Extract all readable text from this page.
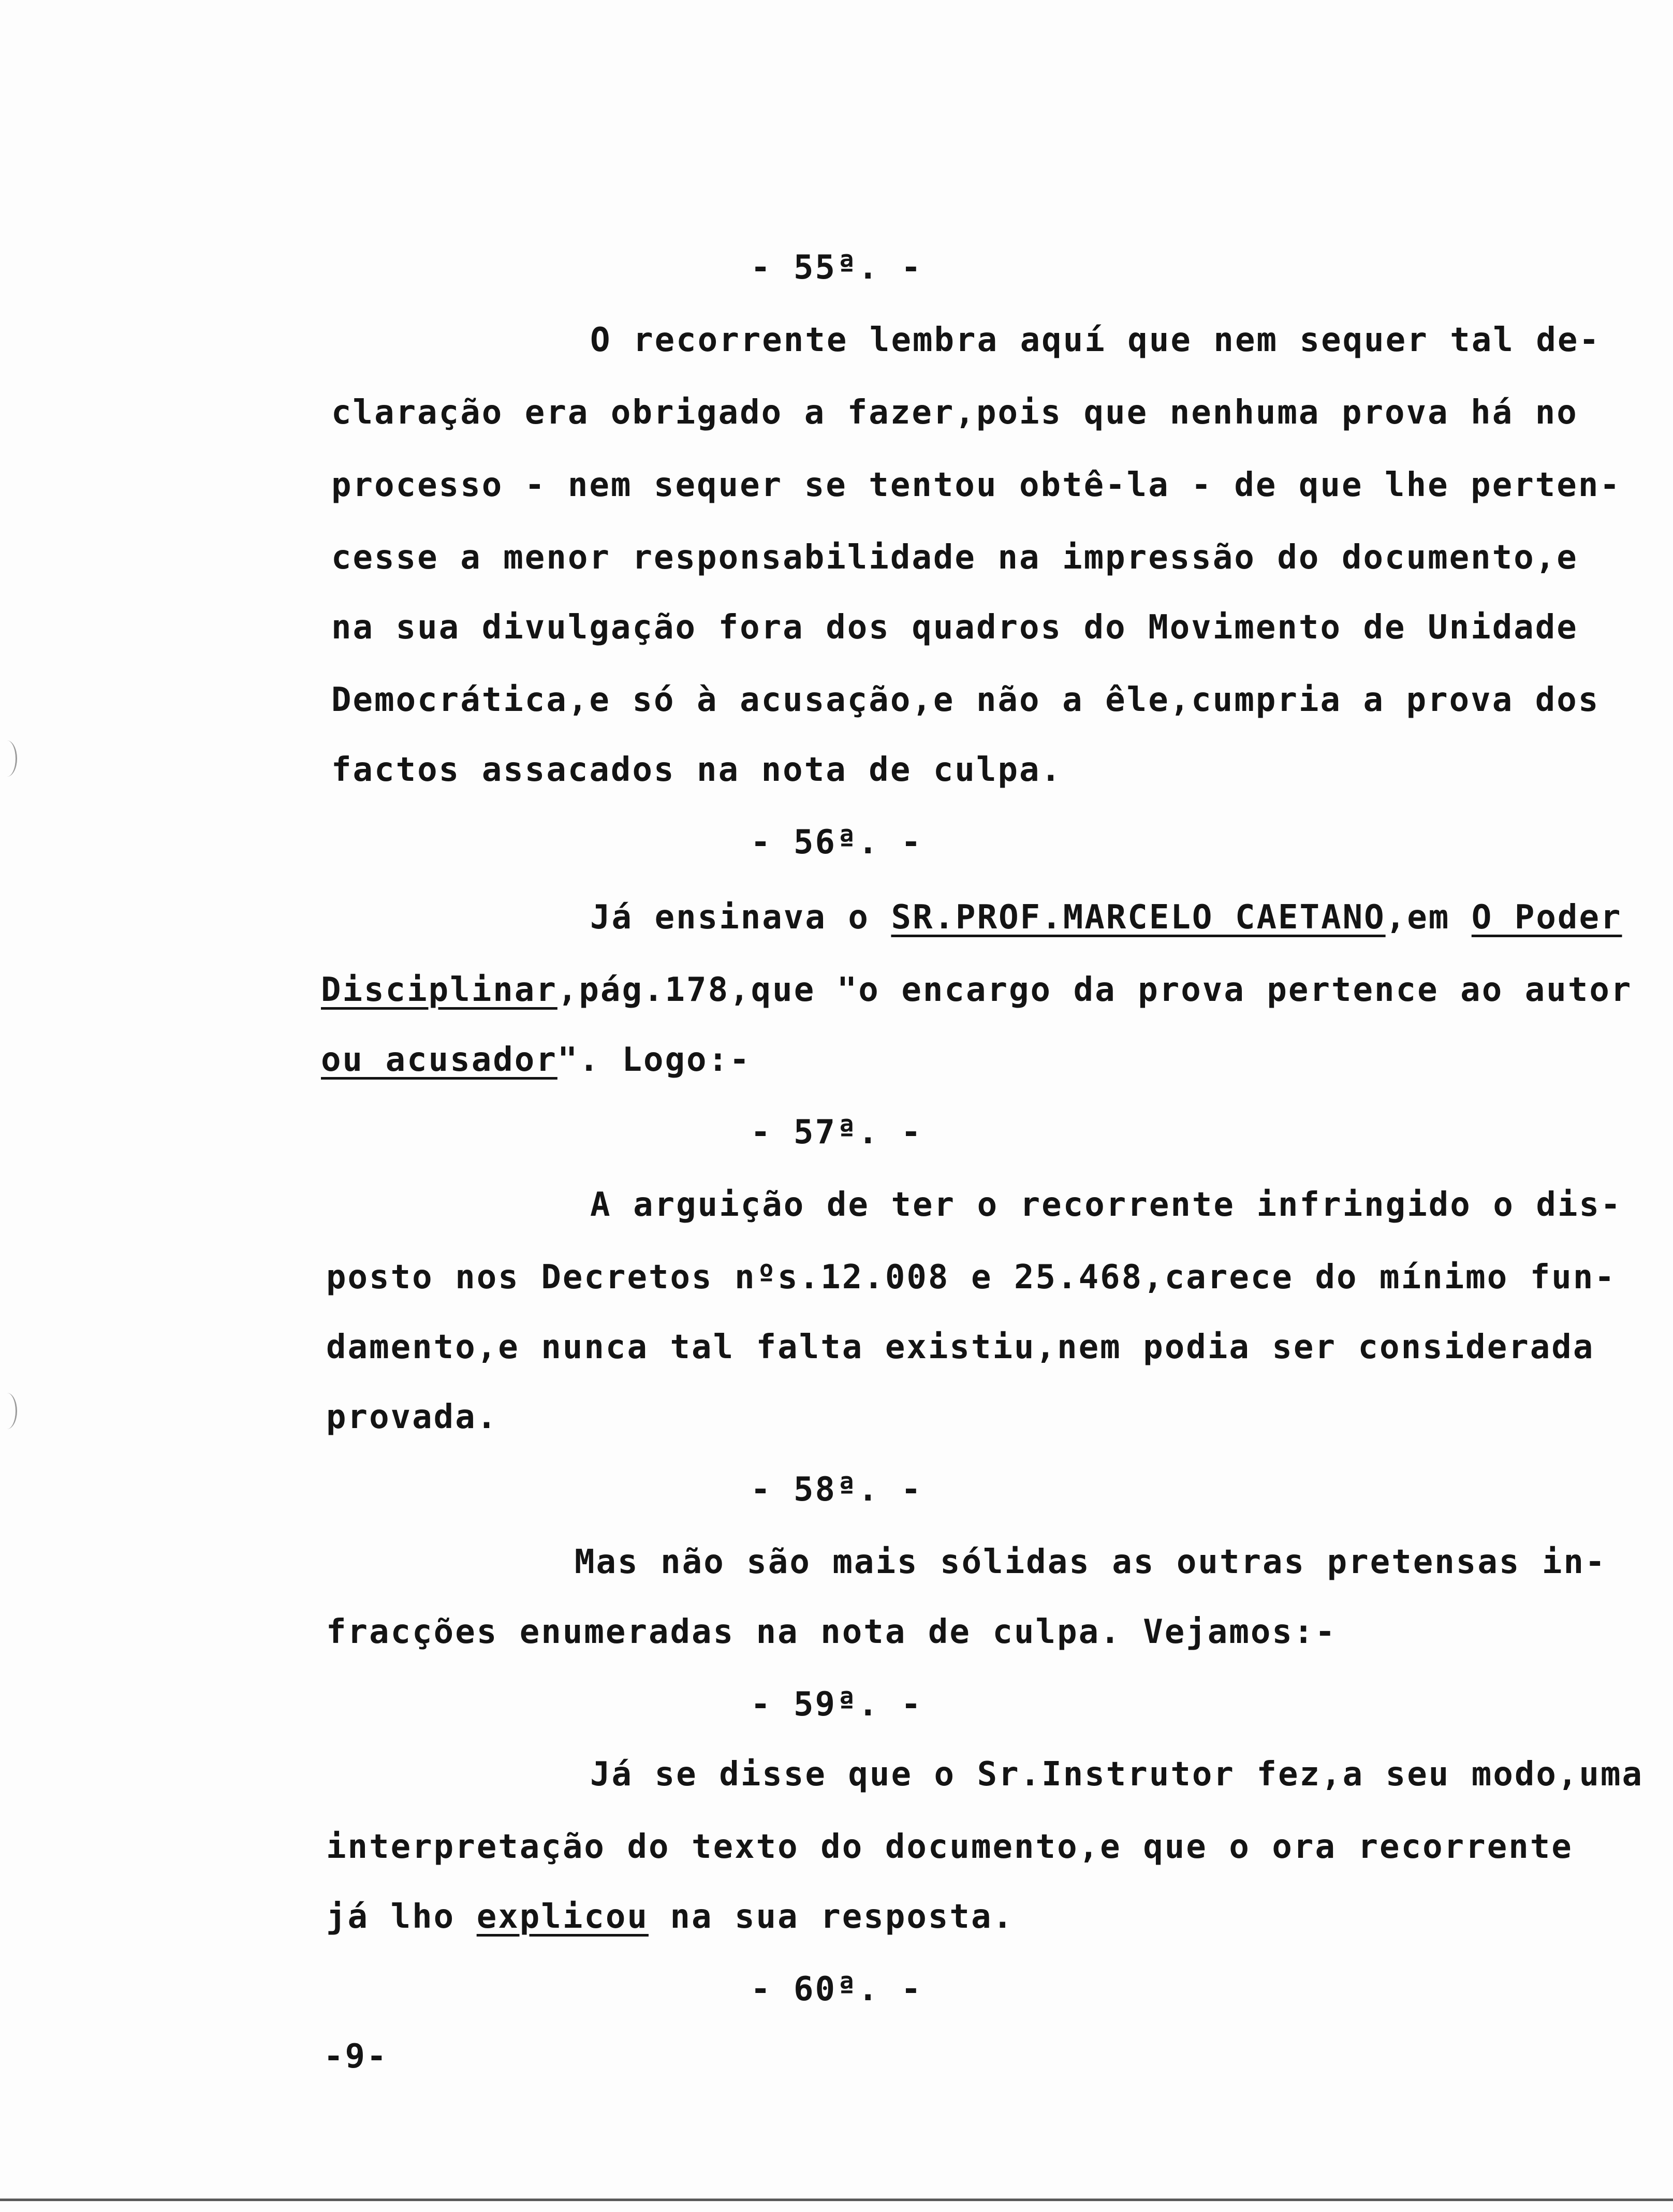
- 55ª. -
O recorrente lembra aquí que nem sequer tal de-
claração era obrigado a fazer,pois que nenhuma prova há no
processo - nem sequer se tentou obtê-la - de que lhe perten-
cesse a menor responsabilidade na impressão do documento,e
na sua divulgação fora dos quadros do Movimento de Unidade
Democrática,e só à acusação,e não a êle,cumpria a prova dos
factos assacados na nota de culpa.
- 56ª. -
Já ensinava o SR.PROF.MARCELO CAETANO,em O Poder
Disciplinar,pág.178,que "o encargo da prova pertence ao autor
ou acusador". Logo:-
- 57ª. -
A arguição de ter o recorrente infringido o dis-
posto nos Decretos nºs.12.008 e 25.468,carece do mínimo fun-
damento,e nunca tal falta existiu,nem podia ser considerada
provada.
- 58ª. -
Mas não são mais sólidas as outras pretensas in-
fracções enumeradas na nota de culpa. Vejamos:-
- 59ª. -
Já se disse que o Sr.Instrutor fez,a seu modo,uma
interpretação do texto do documento,e que o ora recorrente
já lho explicou na sua resposta.
- 60ª. -
-9-
